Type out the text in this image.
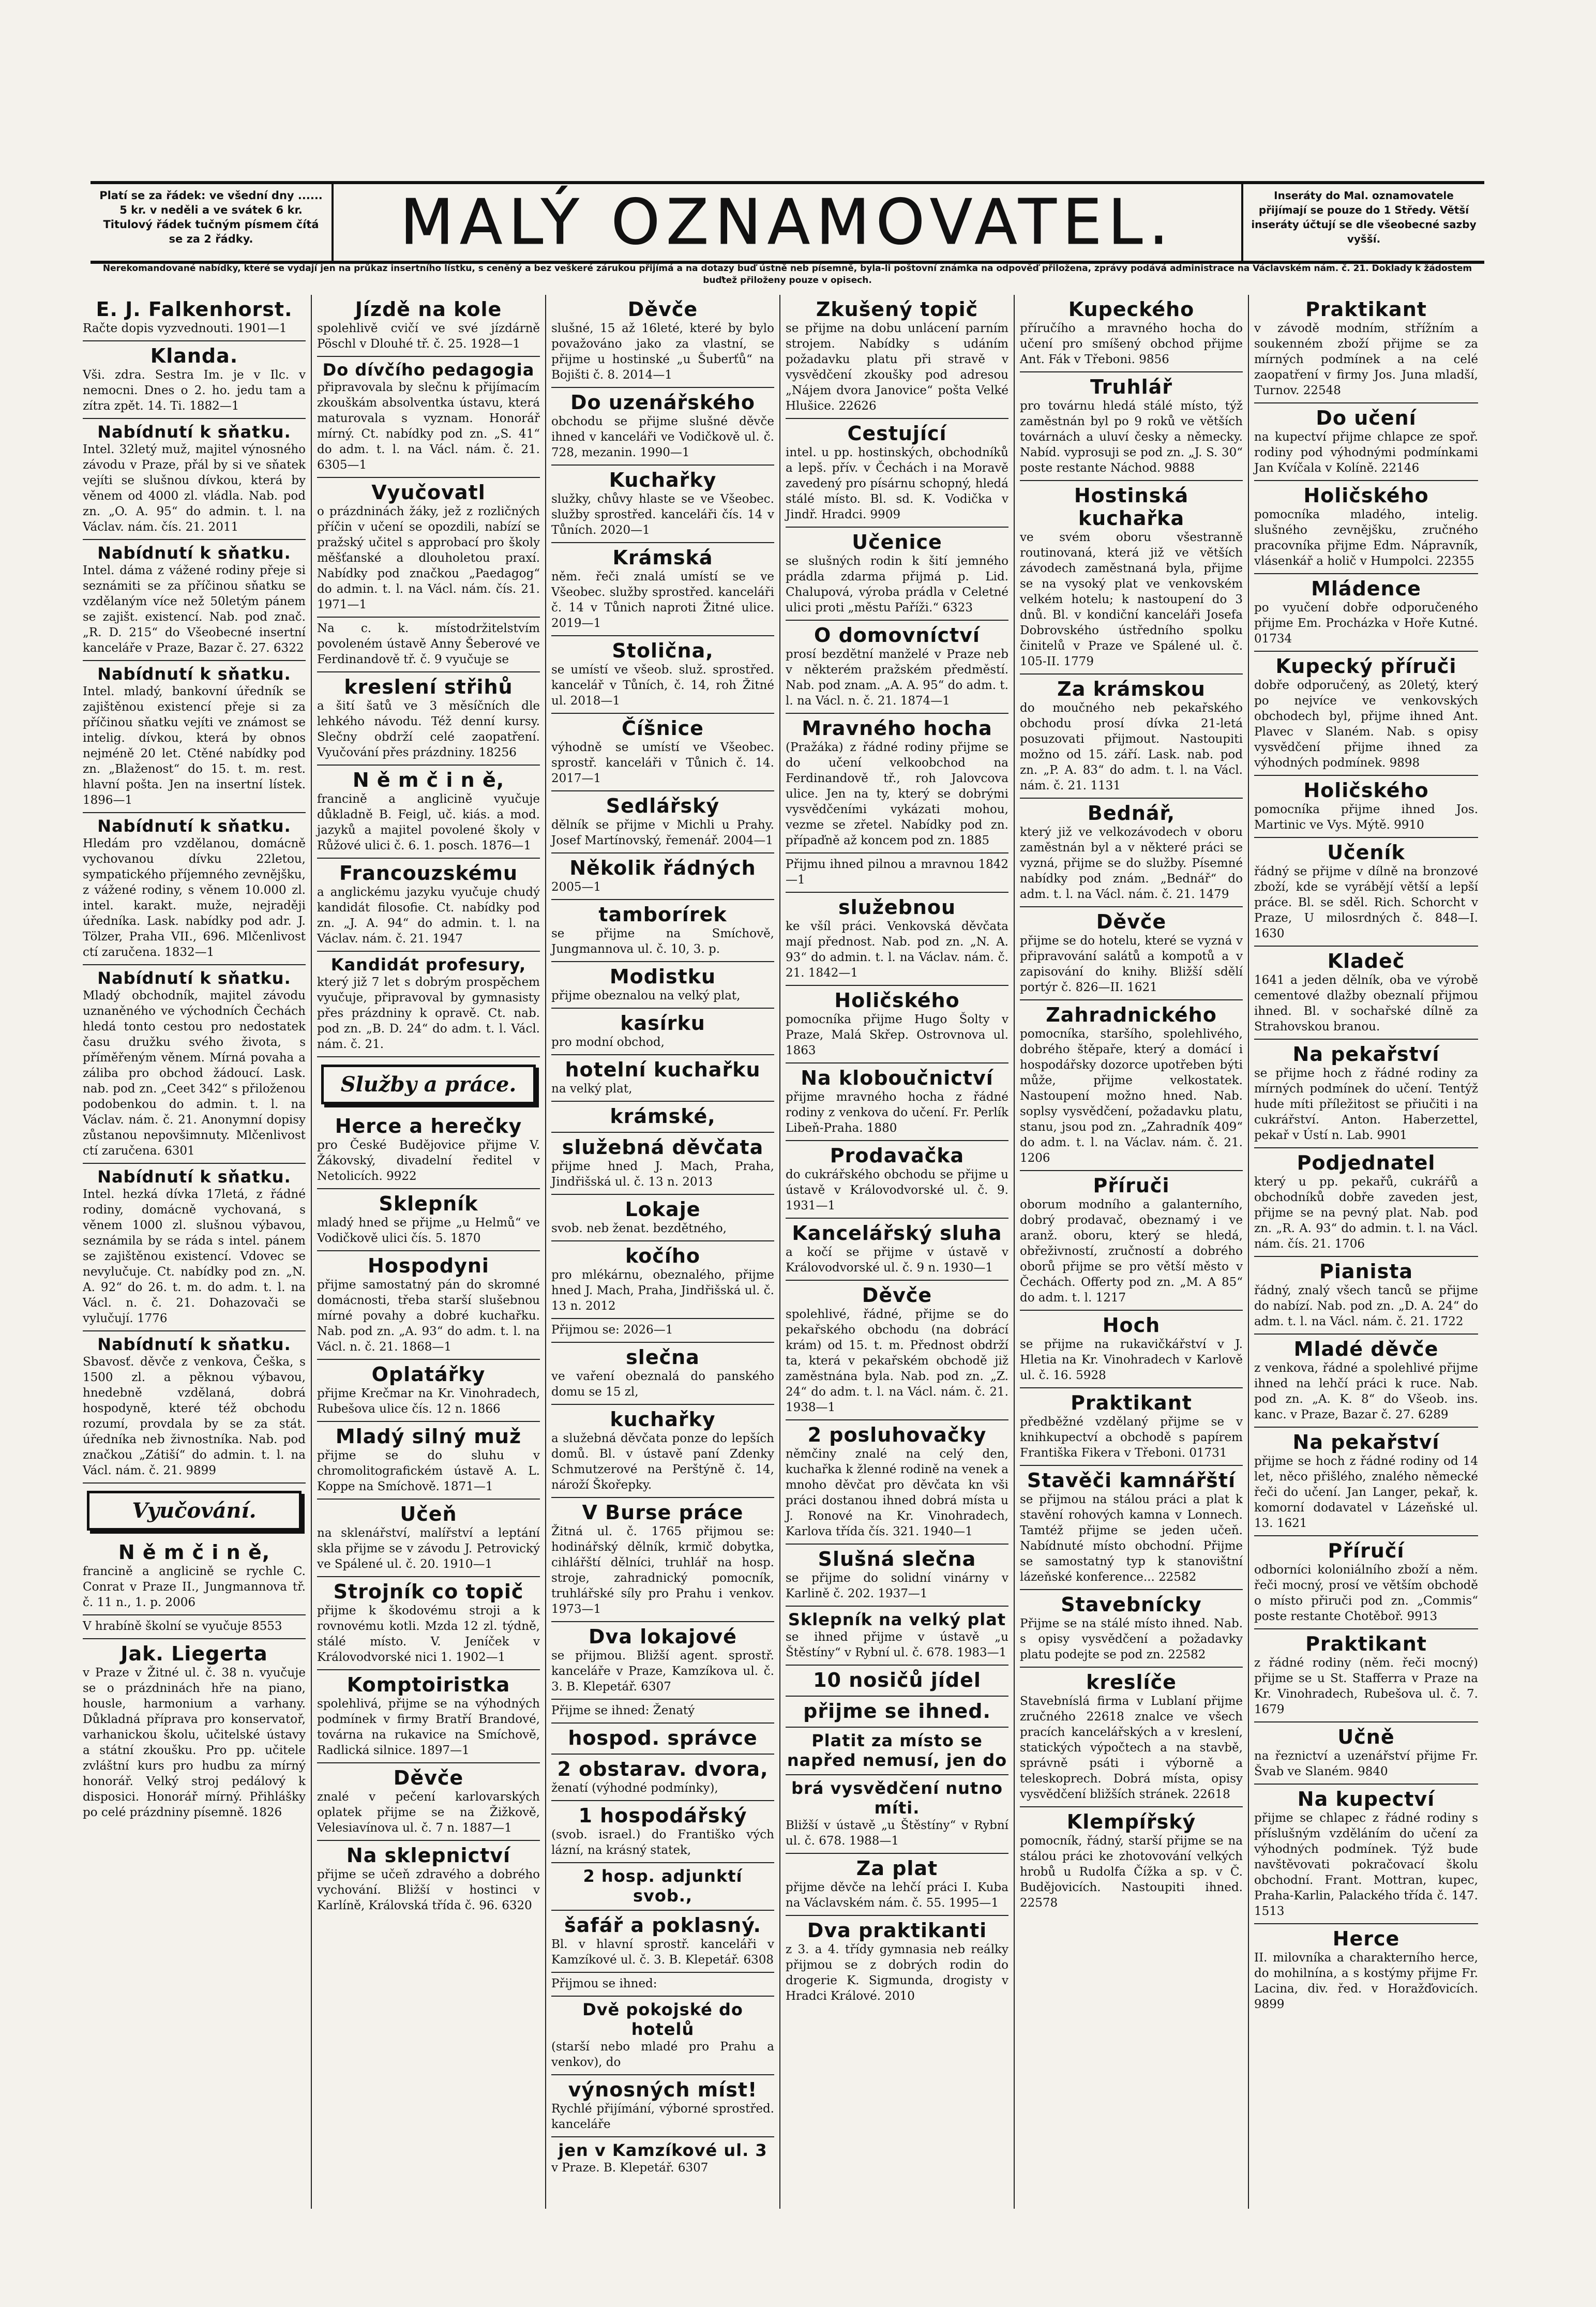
Platí se za řádek: ve všední dny ...... 5 kr. v neděli a ve svátek 6 kr. Titulový řádek tučným písmem čítá se za 2 řádky.	MALÝ OZNAMOVATEL.	Inseráty do Mal. oznamovatele přijímají se pouze do 1 Středy. Větší inseráty účtují se dle všeobecné sazby vyšší.
Nerekomandované nabídky, které se vydají jen na průkaz insertního lístku, s ceněný a bez veškeré zárukou přijímá a na dotazy buď ústně neb písemně, byla-li poštovní známka na odpověď přiložena, zprávy podává administrace na Václavském nám. č. 21. Doklady k žádostem buďtež přiloženy pouze v opisech.
E. J. Falkenhorst.
Račte dopis vyzvednouti. 1901—1
Klanda.
Vši. zdra. Sestra Im. je v Ilc. v nemocni. Dnes o 2. ho. jedu tam a zítra zpět. 14. Ti. 1882—1
Nabídnutí k sňatku.
Intel. 32letý muž, majitel výnosného závodu v Praze, přál by si ve sňatek vejíti se slušnou dívkou, která by věnem od 4000 zl. vládla. Nab. pod zn. „O. A. 95“ do admin. t. l. na Václav. nám. čís. 21. 2011
Nabídnutí k sňatku.
Intel. dáma z vážené rodiny přeje si seznámiti se za příčinou sňatku se vzdělaným více než 50letým pánem se zajišt. existencí. Nab. pod znač. „R. D. 215“ do Všeobecné insertní kanceláře v Praze, Bazar č. 27. 6322
Nabídnutí k sňatku.
Intel. mladý, bankovní úředník se zajištěnou existencí přeje si za příčinou sňatku vejíti ve známost se intelig. dívkou, která by obnos nejméně 20 let. Ctěné nabídky pod zn. „Blaženost“ do 15. t. m. rest. hlavní pošta. Jen na insertní lístek. 1896—1
Nabídnutí k sňatku.
Hledám pro vzdělanou, domácně vychovanou dívku 22letou, sympatického příjemného zevnějšku, z vážené rodiny, s věnem 10.000 zl. intel. karakt. muže, nejraději úředníka. Lask. nabídky pod adr. J. Tölzer, Praha VII., 696. Mlčenlivost ctí zaručena. 1832—1
Nabídnutí k sňatku.
Mladý obchodník, majitel závodu uznaněného ve východních Čechách hledá tonto cestou pro nedostatek času družku svého života, s příměřeným věnem. Mírná povaha a záliba pro obchod žádoucí. Lask. nab. pod zn. „Ceet 342“ s přiloženou podobenkou do admin. t. l. na Václav. nám. č. 21. Anonymní dopisy zůstanou nepovšimnuty. Mlčenlivost ctí zaručena. 6301
Nabídnutí k sňatku.
Intel. hezká dívka 17letá, z řádné rodiny, domácně vychovaná, s věnem 1000 zl. slušnou výbavou, seznámila by se ráda s intel. pánem se zajištěnou existencí. Vdovec se nevylučuje. Ct. nabídky pod zn. „N. A. 92“ do 26. t. m. do adm. t. l. na Václ. n. č. 21. Dohazovači se vylučují. 1776
Nabídnutí k sňatku.
Sbavosť. děvče z venkova, Češka, s 1500 zl. a pěknou výbavou, hnedebně vzdělaná, dobrá hospodyně, které též obchodu rozumí, provdala by se za stát. úředníka neb živnostníka. Nab. pod značkou „Zátiší“ do admin. t. l. na Václ. nám. č. 21. 9899
Vyučování.
N ě m č i n ě,
francině a anglicině se rychle C. Conrat v Praze II., Jungmannova tř. č. 11 n., 1. p. 2006
V hrabíně školní se vyučuje 8553
Jak. Liegerta
v Praze v Žitné ul. č. 38 n. vyučuje se o prázdninách hře na piano, housle, harmonium a varhany. Důkladná příprava pro konservatoř, varhanickou školu, učitelské ústavy a státní zkoušku. Pro pp. učitele zvláštní kurs pro hudbu za mírný honorář. Velký stroj pedálový k disposici. Honorář mírný. Přihlášky po celé prázdniny písemně. 1826
Jízdě na kole
spolehlivě cvičí ve své jízdárně Pöschl v Dlouhé tř. č. 25. 1928—1
Do dívčího pedagogia
připravovala by slečnu k přijímacím zkouškám absolventka ústavu, která maturovala s vyznam. Honorář mírný. Ct. nabídky pod zn. „S. 41“ do adm. t. l. na Václ. nám. č. 21. 6305—1
Vyučovatl
o prázdninách žáky, jež z rozličných příčin v učení se opozdili, nabízí se pražský učitel s approbací pro školy měšťanské a dlouholetou praxí. Nabídky pod značkou „Paedagog“ do admin. t. l. na Václ. nám. čís. 21. 1971—1
Na c. k. místodržitelstvím povoleném ústavě Anny Šeberové ve Ferdinandově tř. č. 9 vyučuje se
kreslení střihů
a šití šatů ve 3 měsíčních dle lehkého návodu. Též denní kursy. Slečny obdrží celé zaopatření. Vyučování přes prázdniny. 18256
N ě m č i n ě,
francině a anglicině vyučuje důkladně B. Feigl, uč. kiás. a mod. jazyků a majitel povolené školy v Růžové ulici č. 6. 1. posch. 1876—1
Francouzskému
a anglickému jazyku vyučuje chudý kandidát filosofie. Ct. nabídky pod zn. „J. A. 94“ do admin. t. l. na Václav. nám. č. 21. 1947
Kandidát profesury,
který již 7 let s dobrým prospěchem vyučuje, připravoval by gymnasisty přes prázdniny k opravě. Ct. nab. pod zn. „B. D. 24“ do adm. t. l. Václ. nám. č. 21.
Služby a práce.
Herce a herečky
pro České Budějovice přijme V. Žákovský, divadelní ředitel v Netolicích. 9922
Sklepník
mladý hned se přijme „u Helmů“ ve Vodičkově ulici čís. 5. 1870
Hospodyni
přijme samostatný pán do skromné domácnosti, třeba starší slušebnou mírné povahy a dobré kuchařku. Nab. pod zn. „A. 93“ do adm. t. l. na Václ. n. č. 21. 1868—1
Oplatářky
přijme Krečmar na Kr. Vinohradech, Rubešova ulice čís. 12 n. 1866
Mladý silný muž
přijme se do sluhu v chromolitografickém ústavě A. L. Koppe na Smíchově. 1871—1
Učeň
na sklenářství, malířství a leptání skla přijme se v závodu J. Petrovický ve Spálené ul. č. 20. 1910—1
Strojník co topič
přijme k škodovému stroji a k rovnovému kotli. Mzda 12 zl. týdně, stálé místo. V. Jeníček v Královodvorské nici 1. 1902—1
Komptoiristka
spolehlivá, přijme se na výhodných podmínek v firmy Bratří Brandové, továrna na rukavice na Smíchově, Radlická silnice. 1897—1
Děvče
znalé v pečení karlovarských oplatek přijme se na Žižkově, Velesiavínova ul. č. 7 n. 1887—1
Na sklepnictví
přijme se učeň zdravého a dobrého vychování. Bližší v hostinci v Karlíně, Královská třída č. 96. 6320
Děvče
slušné, 15 až 16leté, které by bylo považováno jako za vlastní, se přijme u hostinské „u Šuberťů“ na Bojišti č. 8. 2014—1
Do uzenářského
obchodu se přijme slušné děvče ihned v kanceláři ve Vodičkově ul. č. 728, mezanin. 1990—1
Kuchařky
služky, chůvy hlaste se ve Všeobec. služby sprostřed. kanceláři čís. 14 v Tůních. 2020—1
Krámská
něm. řeči znalá umístí se ve Všeobec. služby sprostřed. kanceláři č. 14 v Tůnich naproti Žitné ulice. 2019—1
Stolična,
se umístí ve všeob. služ. sprostřed. kancelář v Tůních, č. 14, roh Žitné ul. 2018—1
Číšnice
výhodně se umístí ve Všeobec. sprostř. kanceláři v Tůnich č. 14. 2017—1
Sedlářský
dělník se přijme v Michli u Prahy. Josef Martínovský, řemenář. 2004—1
Několik řádných
2005—1
tamborírek
se přijme na Smíchově, Jungmannova ul. č. 10, 3. p.
Modistku
přijme obeznalou na velký plat,
kasírku
pro modní obchod,
hotelní kuchařku
na velký plat,
krámské,
služebná děvčata
přijme hned J. Mach, Praha, Jindřišská ul. č. 13 n. 2013
Lokaje
svob. neb ženat. bezdětného,
kočího
pro mlékárnu, obeznalého, přijme hned J. Mach, Praha, Jindřišská ul. č. 13 n. 2012
Přijmou se: 2026—1
slečna
ve vaření obeznalá do panského domu se 15 zl,
kuchařky
a služebná děvčata ponze do lepších domů. Bl. v ústavě paní Zdenky Schmutzerové na Perštýně č. 14, nároží Škořepky.
V Burse práce
Žitná ul. č. 1765 přijmou se: hodinářský dělník, krmič dobytka, cihlářští dělníci, truhlář na hosp. stroje, zahradnický pomocník, truhlářské síly pro Prahu i venkov. 1973—1
Dva lokajové
se přijmou. Bližší agent. sprostř. kanceláře v Praze, Kamzíkova ul. č. 3. B. Klepetář. 6307
Přijme se ihned: Ženatý
hospod. správce
2 obstarav. dvora,
ženatí (výhodné podmínky),
1 hospodářský
(svob. israel.) do Františko vých lázní, na krásný statek,
2 hosp. adjunktí svob.,
šafář a poklasný.
Bl. v hlavní sprostř. kanceláři v Kamzíkové ul. č. 3. B. Klepetář. 6308
Přijmou se ihned:
Dvě pokojské do hotelů
(starší nebo mladé pro Prahu a venkov), do
výnosných míst!
Rychlé přijímání, výborné sprostřed. kanceláře
jen v Kamzíkové ul. 3
v Praze. B. Klepetář. 6307
Zkušený topič
se přijme na dobu unlácení parním strojem. Nabídky s udáním požadavku platu při stravě v vysvědčení zkoušky pod adresou „Nájem dvora Janovice“ pošta Velké Hlušice. 22626
Cestující
intel. u pp. hostinských, obchodníků a lepš. přív. v Čechách i na Moravě zavedený pro písárnu schopný, hledá stálé místo. Bl. sd. K. Vodička v Jindř. Hradci. 9909
Učenice
se slušných rodin k šití jemného prádla zdarma přijmá p. Lid. Chalupová, výroba prádla v Celetné ulici proti „městu Paříži.“ 6323
O domovníctví
prosí bezdětní manželé v Praze neb v některém pražském předměstí. Nab. pod znam. „A. A. 95“ do adm. t. l. na Václ. n. č. 21. 1874—1
Mravného hocha
(Pražáka) z řádné rodiny přijme se do učení velkoobchod na Ferdinandově tř., roh Jalovcova ulice. Jen na ty, který se dobrými vysvědčeními vykázati mohou, vezme se zřetel. Nabídky pod zn. přípaďně až koncem pod zn. 1885
Přijmu ihned pilnou a mravnou 1842—1
služebnou
ke všíl práci. Venkovská děvčata mají přednost. Nab. pod zn. „N. A. 93“ do admin. t. l. na Václav. nám. č. 21. 1842—1
Holičského
pomocníka přijme Hugo Šolty v Praze, Malá Skřep. Ostrovnova ul. 1863
Na kloboučnictví
přijme mravného hocha z řádné rodiny z venkova do učení. Fr. Perlík Libeň-Praha. 1880
Prodavačka
do cukrářského obchodu se přijme u ústavě v Královodvorské ul. č. 9. 1931—1
Kancelářský sluha
a kočí se přijme v ústavě v Královodvorské ul. č. 9 n. 1930—1
Děvče
spolehlivé, řádné, přijme se do pekařského obchodu (na dobrácí krám) od 15. t. m. Přednost obdrží ta, která v pekařském obchodě již zaměstnána byla. Nab. pod zn. „Z. 24“ do adm. t. l. na Václ. nám. č. 21. 1938—1
2 posluhovačky
němčiny znalé na celý den, kuchařka k žlenné rodině na venek a mnoho děvčat pro děvčata kn vši práci dostanou ihned dobrá místa u J. Ronové na Kr. Vinohradech, Karlova třída čís. 321. 1940—1
Slušná slečna
se přijme do solidní vinárny v Karlině č. 202. 1937—1
Sklepník na velký plat
se ihned přijme v ústavě „u Štěstíny“ v Rybní ul. č. 678. 1983—1
10 nosičů jídel
přijme se ihned.
Platit za místo se napřed nemusí, jen do
brá vysvědčení nutno míti.
Bližší v ústavě „u Štěstíny“ v Rybní ul. č. 678. 1988—1
Za plat
přijme děvče na lehčí práci I. Kuba na Václavském nám. č. 55. 1995—1
Dva praktikanti
z 3. a 4. třídy gymnasia neb reálky přijmou se z dobrých rodin do drogerie K. Sigmunda, drogisty v Hradci Králové. 2010
Kupeckého
příručího a mravného hocha do učení pro smíšený obchod přijme Ant. Fák v Třeboni. 9856
Truhlář
pro továrnu hledá stálé místo, týž zaměstnán byl po 9 roků ve větších továrnách a uluví česky a německy. Nabíd. vyprosuji se pod zn. „J. S. 30“ poste restante Náchod. 9888
Hostinská kuchařka
ve svém oboru všestranně routinovaná, která již ve větších závodech zaměstnaná byla, přijme se na vysoký plat ve venkovském velkém hotelu; k nastoupení do 3 dnů. Bl. v kondiční kanceláři Josefa Dobrovského ústředního spolku činitelů v Praze ve Spálené ul. č. 105-II. 1779
Za krámskou
do moučného neb pekařského obchodu prosí dívka 21-letá posuzovati přijmout. Nastoupiti možno od 15. září. Lask. nab. pod zn. „P. A. 83“ do adm. t. l. na Václ. nám. č. 21. 1131
Bednář,
který již ve velkozávodech v oboru zaměstnán byl a v některé práci se vyzná, přijme se do služby. Písemné nabídky pod znám. „Bednář“ do adm. t. l. na Václ. nám. č. 21. 1479
Děvče
přijme se do hotelu, které se vyzná v připravování salátů a kompotů a v zapisování do knihy. Bližší sdělí portýr č. 826—II. 1621
Zahradnického
pomocníka, staršího, spolehlivého, dobrého štěpaře, který a domácí i hospodářsky dozorce upotřeben býti může, přijme velkostatek. Nastoupení možno hned. Nab. soplsy vysvědčení, požadavku platu, stanu, jsou pod zn. „Zahradník 409“ do adm. t. l. na Václav. nám. č. 21. 1206
Příruči
oborum modního a galanterního, dobrý prodavač, obeznamý i ve aranž. oboru, který se hledá, obřeživností, zručností a dobrého oborů přijme se pro větší město v Čechách. Offerty pod zn. „M. A 85“ do adm. t. l. 1217
Hoch
se přijme na rukavičkářství v J. Hletia na Kr. Vinohradech v Karlově ul. č. 16. 5928
Praktikant
předběžné vzdělaný přijme se v knihkupectví a obchodě s papírem Františka Fikera v Třeboni. 01731
Stavěči kamnářští
se přijmou na stálou práci a plat k stavění rohových kamna v Lonnech. Tamtéž přijme se jeden učeň. Nabídnuté místo obchodní. Přijme se samostatný typ k stanovištní lázeňské konference... 22582
Stavebnícky
Přijme se na stálé místo ihned. Nab. s opisy vysvědčení a požadavky platu podejte se pod zn. 22582
kreslíče
Stavebníslá firma v Lublaní přijme zručného 22618 znalce ve všech pracích kancelářských a v kreslení, statických výpočtech a na stavbě, správně psáti i výborně a teleskoprech. Dobrá místa, opisy vysvědčení bližších stránek. 22618
Klempířský
pomocník, řádný, starší přijme se na stálou práci ke zhotovování velkých hrobů u Rudolfa Čížka a sp. v Č. Budějovicích. Nastoupiti ihned. 22578
Praktikant
v závodě modním, střížním a soukenném zboží přijme se za mírných podmínek a na celé zaopatření v firmy Jos. Juna mladší, Turnov. 22548
Do učení
na kupectví přijme chlapce ze spoř. rodiny pod výhodnými podmínkami Jan Kvíčala v Kolíně. 22146
Holičského
pomocníka mladého, intelig. slušného zevnějšku, zručného pracovníka přijme Edm. Nápravník, vlásenkář a holič v Humpolci. 22355
Mládence
po vyučení dobře odporučeného přijme Em. Procházka v Hoře Kutné. 01734
Kupecký příruči
dobře odporučený, as 20letý, který po nejvíce ve venkovských obchodech byl, přijme ihned Ant. Plavec v Slaném. Nab. s opisy vysvědčení přijme ihned za výhodných podmínek. 9898
Holičského
pomocníka přijme ihned Jos. Martinic ve Vys. Mýtě. 9910
Učeník
řádný se přijme v dílně na bronzové zboží, kde se vyrábějí větší a lepší práce. Bl. se sděl. Rich. Schorcht v Praze, U milosrdných č. 848—I. 1630
Kladeč
1641 a jeden dělník, oba ve výrobě cementové dlažby obeznalí přijmou ihned. Bl. v sochařské dílně za Strahovskou branou.
Na pekařství
se přijme hoch z řádné rodiny za mírných podmínek do učení. Tentýž hude míti příležitost se přiučiti i na cukrářství. Anton. Haberzettel, pekař v Ústí n. Lab. 9901
Podjednatel
který u pp. pekařů, cukrářů a obchodníků dobře zaveden jest, přijme se na pevný plat. Nab. pod zn. „R. A. 93“ do admin. t. l. na Václ. nám. čís. 21. 1706
Pianista
řádný, znalý všech tanců se přijme do nabízí. Nab. pod zn. „D. A. 24“ do adm. t. l. na Václ. nám. č. 21. 1722
Mladé děvče
z venkova, řádné a spolehlivé přijme ihned na lehčí práci k ruce. Nab. pod zn. „A. K. 8“ do Všeob. ins. kanc. v Praze, Bazar č. 27. 6289
Na pekařství
přijme se hoch z řádné rodiny od 14 let, něco přišlého, znalého německé řeči do učení. Jan Langer, pekař, k. komorní dodavatel v Lázeňské ul. 13. 1621
Příručí
odborníci koloniálního zboží a něm. řeči mocný, prosí ve větším obchodě o místo přiruči pod zn. „Commis“ poste restante Chotěboř. 9913
Praktikant
z řádné rodiny (něm. řeči mocný) přijme se u St. Stafferra v Praze na Kr. Vinohradech, Rubešova ul. č. 7. 1679
Učně
na řeznictví a uzenářství přijme Fr. Švab ve Slaném. 9840
Na kupectví
přijme se chlapec z řádné rodiny s příslušným vzděláním do učení za výhodných podmínek. Týž bude navštěvovati pokračovací školu obchodní. Frant. Mottran, kupec, Praha-Karlin, Palackého třída č. 147. 1513
Herce
II. milovníka a charakterního herce, do mohilnína, a s kostýmy přijme Fr. Lacina, div. řed. v Horažďovicích. 9899
